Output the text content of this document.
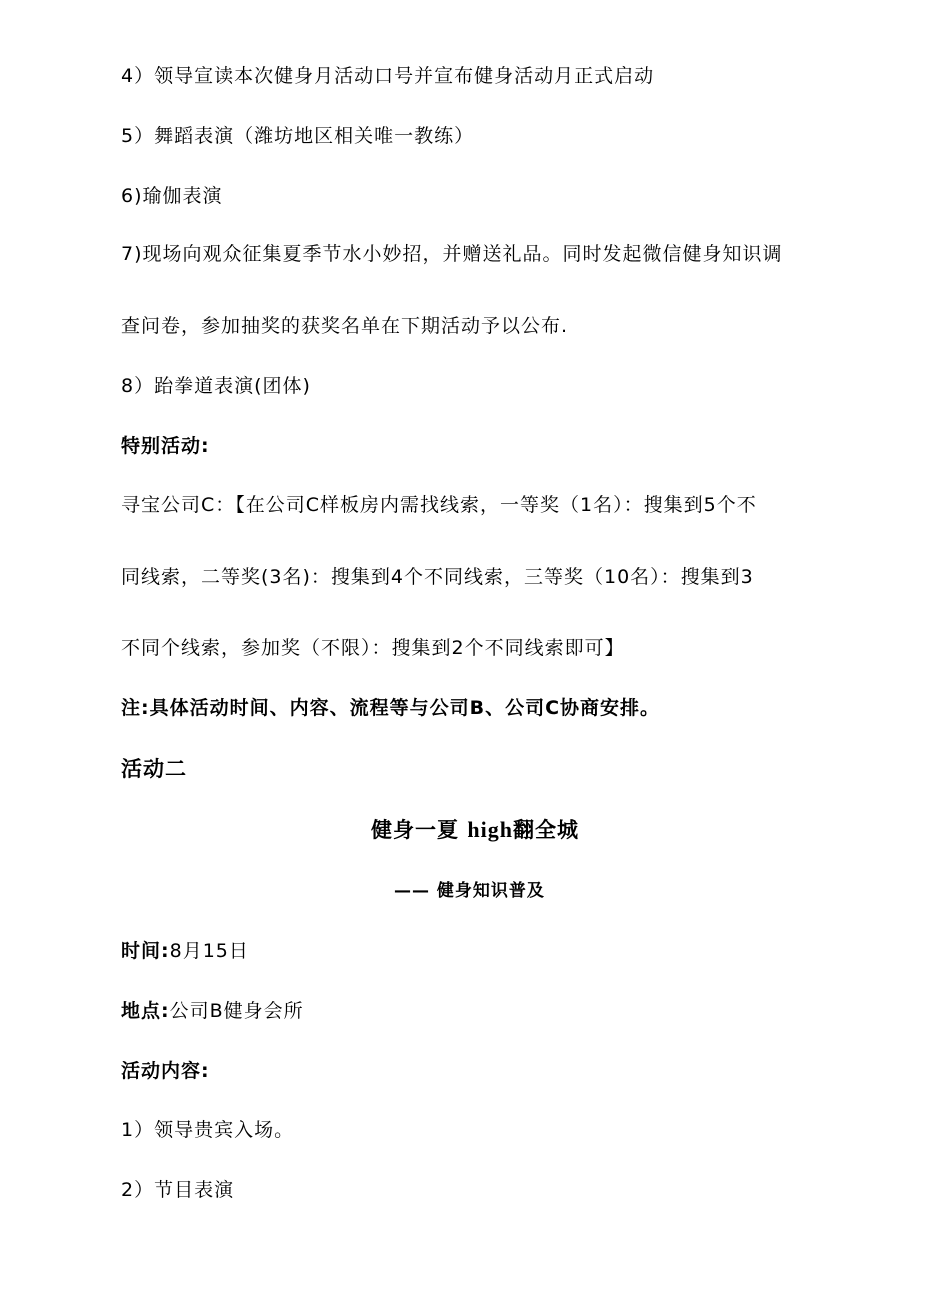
4）领导宣读本次健身月活动口号并宣布健身活动月正式启动
5）舞蹈表演（潍坊地区相关唯一教练）
6)瑜伽表演
7)现场向观众征集夏季节水小妙招，并赠送礼品。同时发起微信健身知识调
查问卷，参加抽奖的获奖名单在下期活动予以公布.
8）跆拳道表演(团体)
特别活动:
寻宝公司C：【在公司C样板房内需找线索，一等奖（1名）：搜集到5个不
同线索，二等奖(3名)：搜集到4个不同线索，三等奖（10名）：搜集到3
不同个线索，参加奖（不限）：搜集到2个不同线索即可】
注:具体活动时间、内容、流程等与公司B、公司C协商安排。
活动二
健身一夏 high翻全城
—— 健身知识普及
时间:8月15日
地点:公司B健身会所
活动内容:
1）领导贵宾入场。
2）节目表演
